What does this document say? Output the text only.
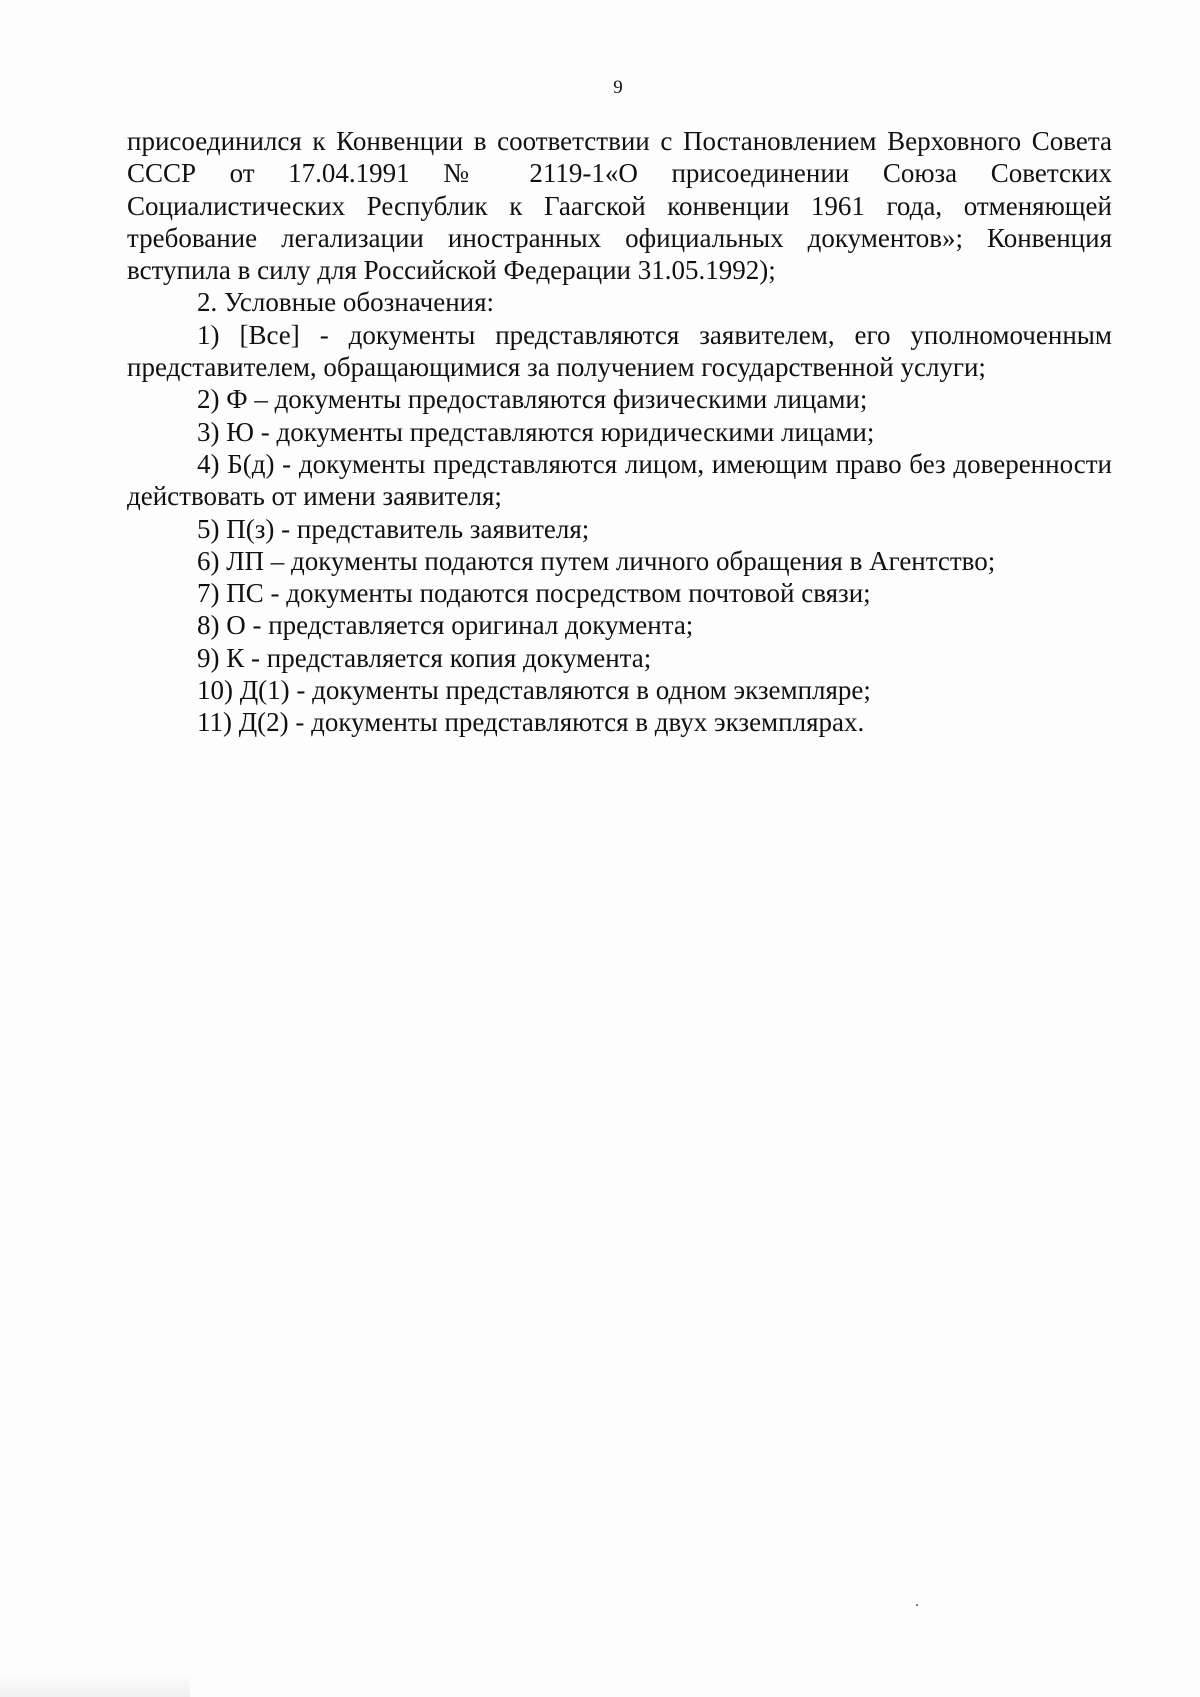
9

присоединился к Конвенции в соответствии с Постановлением Верховного Совета СССР от 17.04.1991 № 2119-1«О присоединении Союза Советских Социалистических Республик к Гаагской конвенции 1961 года, отменяющей требование легализации иностранных официальных документов»; Конвенция вступила в силу для Российской Федерации 31.05.1992);

2. Условные обозначения:

1) [Все] - документы представляются заявителем, его уполномоченным представителем, обращающимися за получением государственной услуги;

2) Ф – документы предоставляются физическими лицами;

3) Ю - документы представляются юридическими лицами;

4) Б(д) - документы представляются лицом, имеющим право без доверенности действовать от имени заявителя;

5) П(з) - представитель заявителя;

6) ЛП – документы подаются путем личного обращения в Агентство;

7) ПС - документы подаются посредством почтовой связи;

8) О - представляется оригинал документа;

9) К - представляется копия документа;

10) Д(1) - документы представляются в одном экземпляре;

11) Д(2) - документы представляются в двух экземплярах.
